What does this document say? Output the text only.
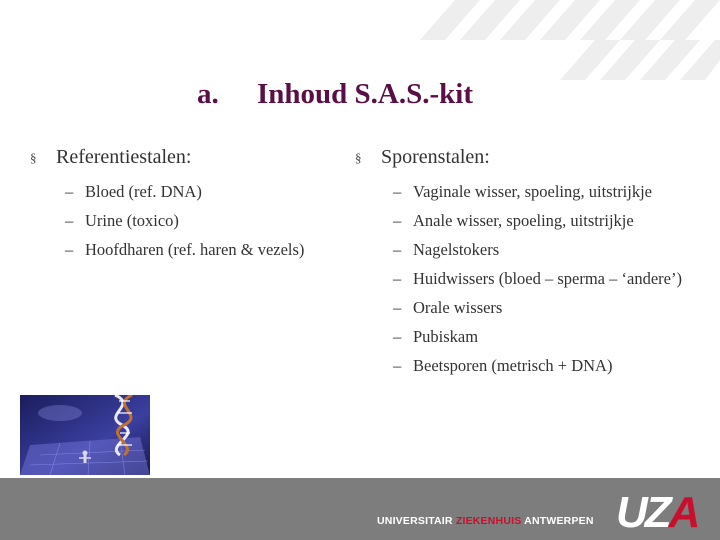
a. Inhoud S.A.S.-kit
§ Referentiestalen:
– Bloed (ref. DNA)
– Urine (toxico)
– Hoofdharen (ref. haren & vezels)
§ Sporenstalen:
– Vaginale wisser, spoeling, uitstrijkje
– Anale wisser, spoeling, uitstrijkje
– Nagelstokers
– Huidwissers (bloed – sperma – ‘andere’)
– Orale wissers
– Pubiskam
– Beetsporen (metrisch + DNA)
UNIVERSITAIR ZIEKENHUIS ANTWERPEN UZA
